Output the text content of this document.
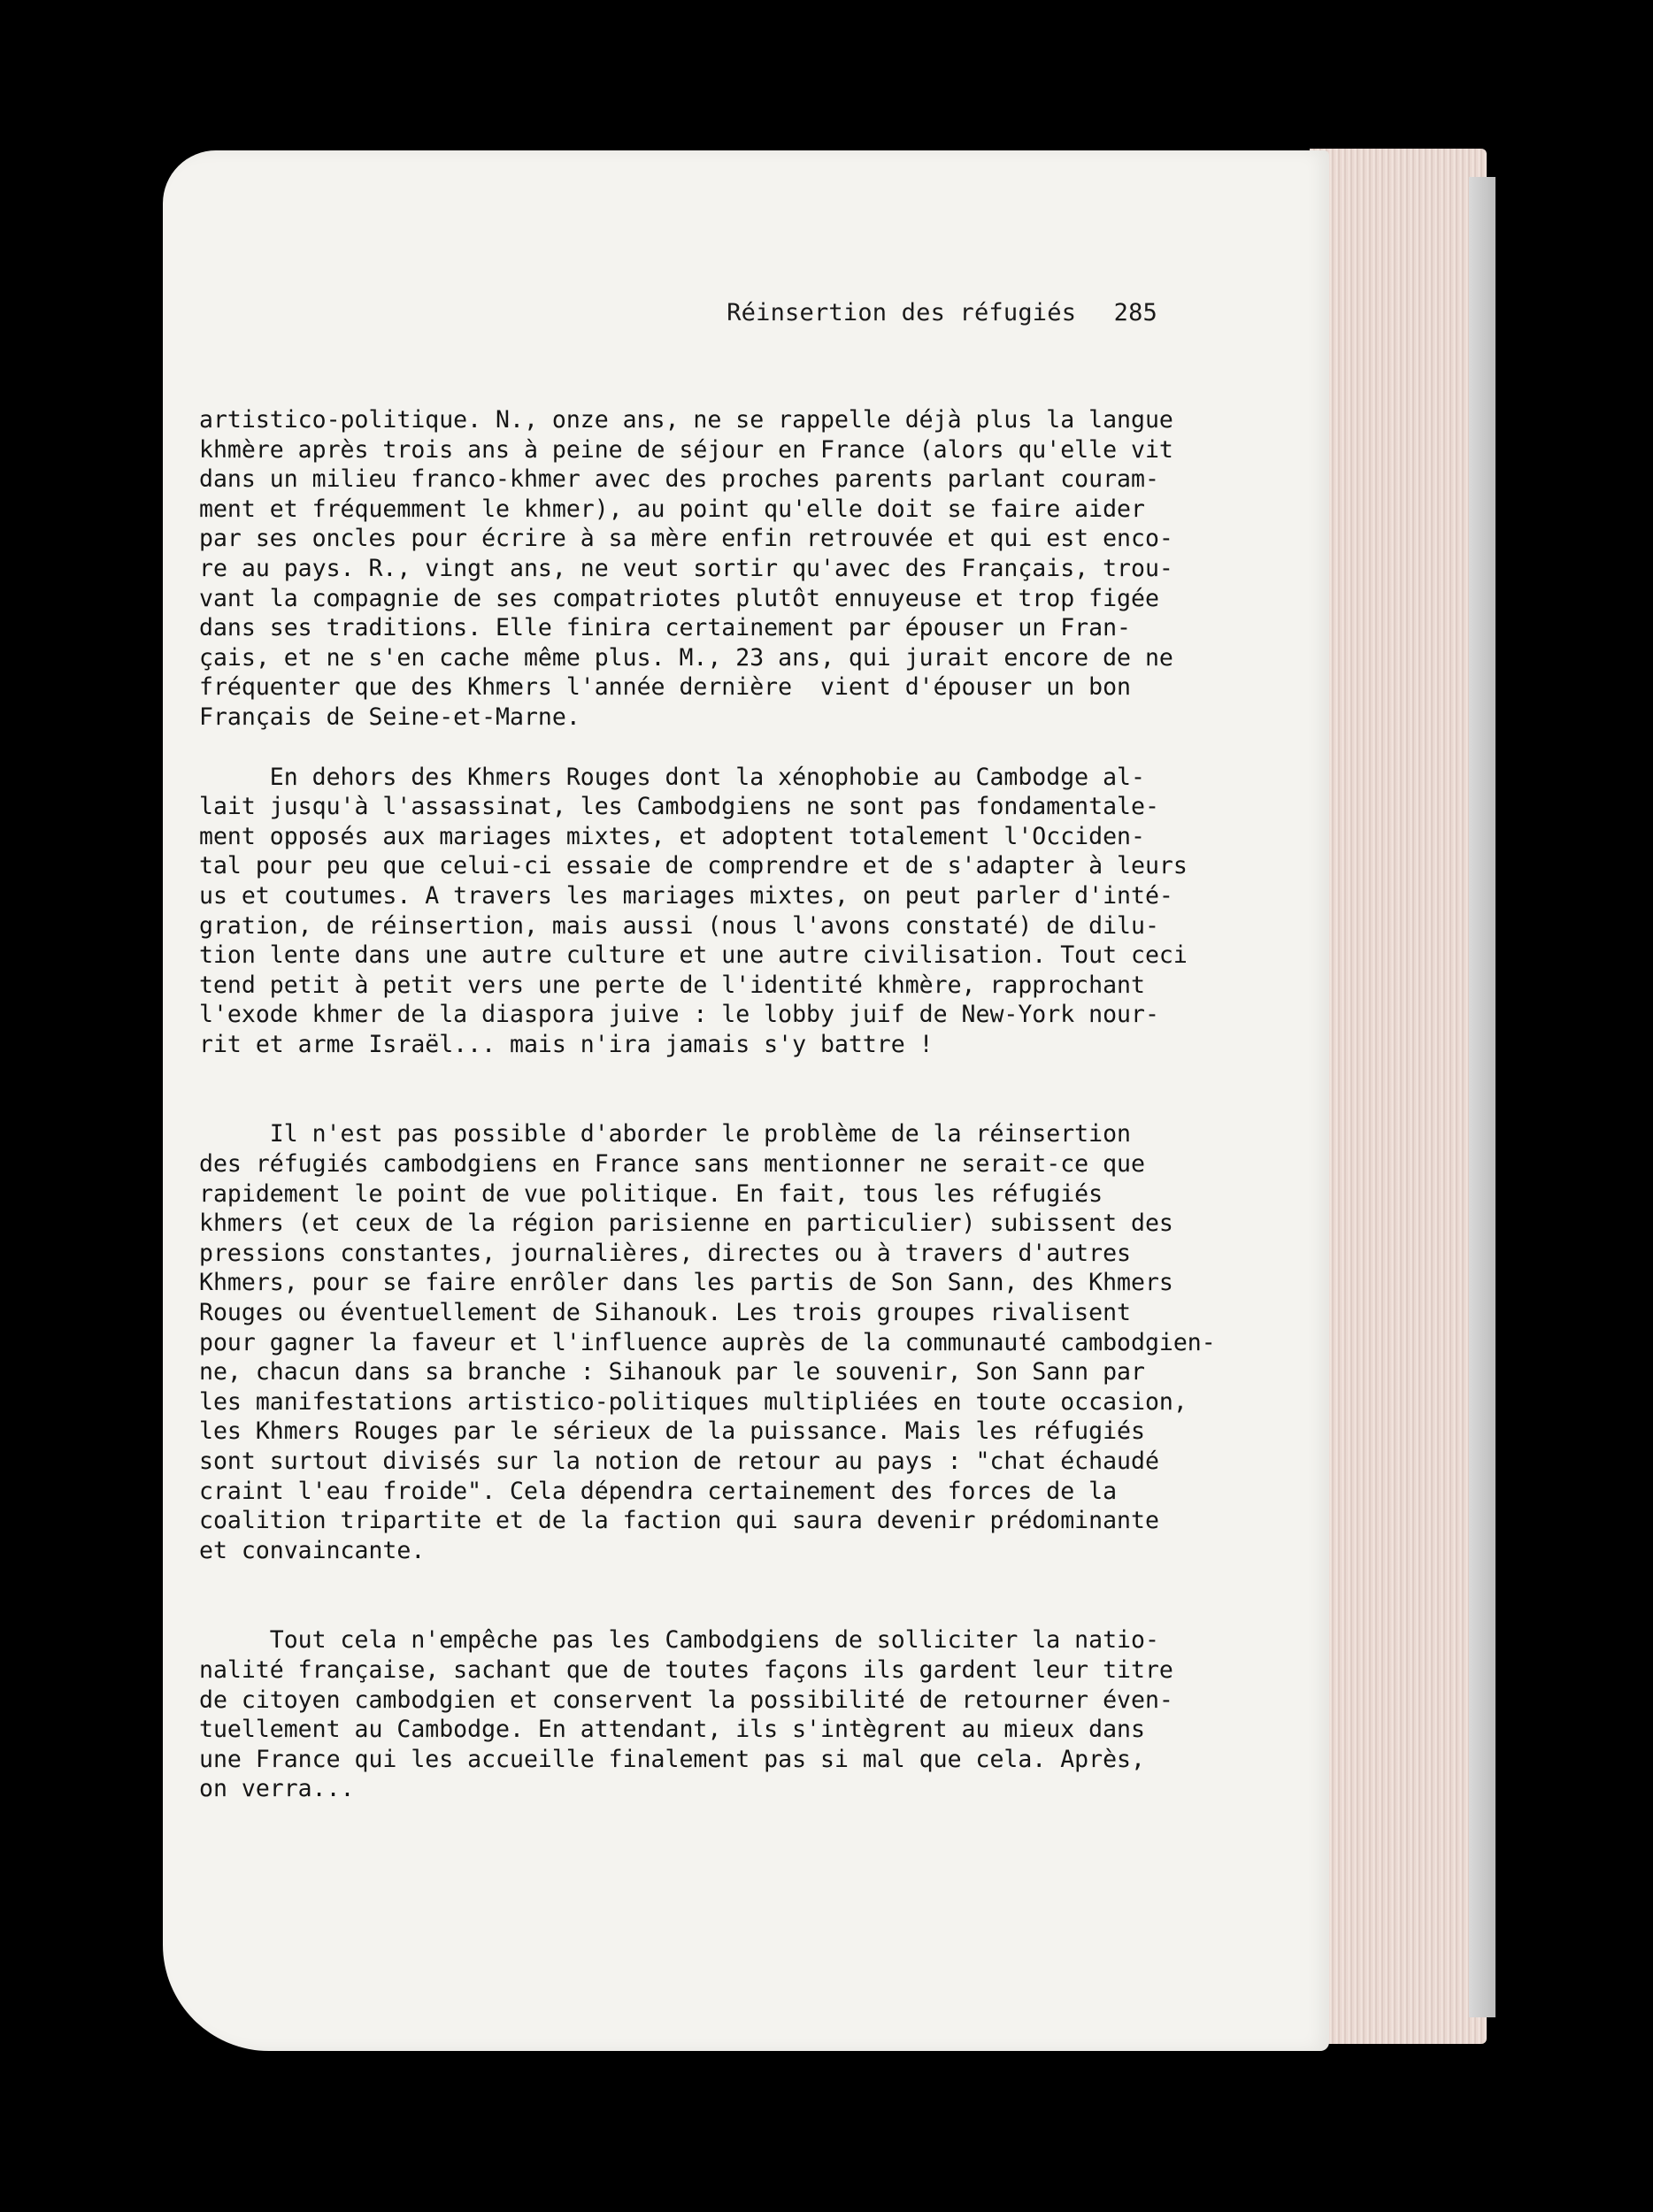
Réinsertion des réfugiés 285
artistico-politique. N., onze ans, ne se rappelle déjà plus la langue
khmère après trois ans à peine de séjour en France (alors qu'elle vit
dans un milieu franco-khmer avec des proches parents parlant couram-
ment et fréquemment le khmer), au point qu'elle doit se faire aider
par ses oncles pour écrire à sa mère enfin retrouvée et qui est enco-
re au pays. R., vingt ans, ne veut sortir qu'avec des Français, trou-
vant la compagnie de ses compatriotes plutôt ennuyeuse et trop figée
dans ses traditions. Elle finira certainement par épouser un Fran-
çais, et ne s'en cache même plus. M., 23 ans, qui jurait encore de ne
fréquenter que des Khmers l'année dernière  vient d'épouser un bon
Français de Seine-et-Marne.
En dehors des Khmers Rouges dont la xénophobie au Cambodge al-
lait jusqu'à l'assassinat, les Cambodgiens ne sont pas fondamentale-
ment opposés aux mariages mixtes, et adoptent totalement l'Occiden-
tal pour peu que celui-ci essaie de comprendre et de s'adapter à leurs
us et coutumes. A travers les mariages mixtes, on peut parler d'inté-
gration, de réinsertion, mais aussi (nous l'avons constaté) de dilu-
tion lente dans une autre culture et une autre civilisation. Tout ceci
tend petit à petit vers une perte de l'identité khmère, rapprochant
l'exode khmer de la diaspora juive : le lobby juif de New-York nour-
rit et arme Israël... mais n'ira jamais s'y battre !
Il n'est pas possible d'aborder le problème de la réinsertion
des réfugiés cambodgiens en France sans mentionner ne serait-ce que
rapidement le point de vue politique. En fait, tous les réfugiés
khmers (et ceux de la région parisienne en particulier) subissent des
pressions constantes, journalières, directes ou à travers d'autres
Khmers, pour se faire enrôler dans les partis de Son Sann, des Khmers
Rouges ou éventuellement de Sihanouk. Les trois groupes rivalisent
pour gagner la faveur et l'influence auprès de la communauté cambodgien-
ne, chacun dans sa branche : Sihanouk par le souvenir, Son Sann par
les manifestations artistico-politiques multipliées en toute occasion,
les Khmers Rouges par le sérieux de la puissance. Mais les réfugiés
sont surtout divisés sur la notion de retour au pays : "chat échaudé
craint l'eau froide". Cela dépendra certainement des forces de la
coalition tripartite et de la faction qui saura devenir prédominante
et convaincante.
Tout cela n'empêche pas les Cambodgiens de solliciter la natio-
nalité française, sachant que de toutes façons ils gardent leur titre
de citoyen cambodgien et conservent la possibilité de retourner éven-
tuellement au Cambodge. En attendant, ils s'intègrent au mieux dans
une France qui les accueille finalement pas si mal que cela. Après,
on verra...
